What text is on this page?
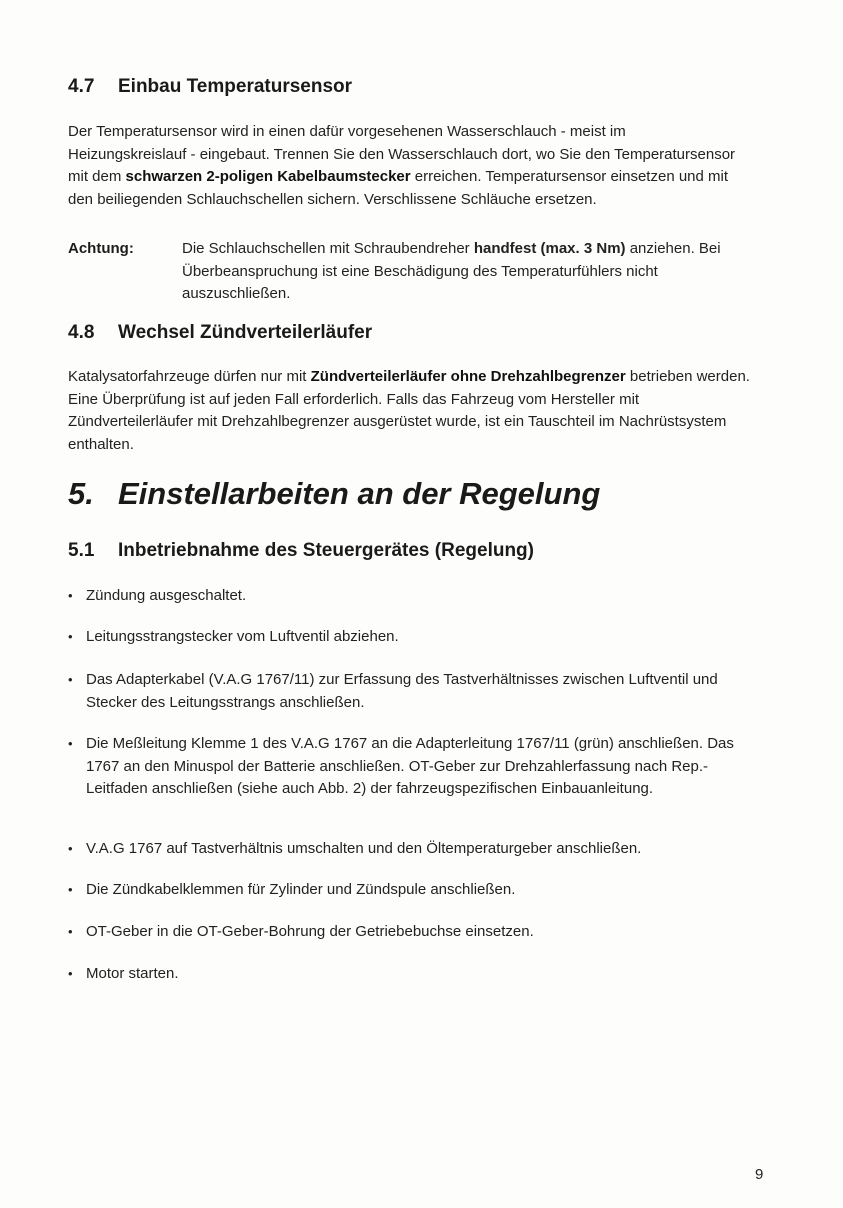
4.7 Einbau Temperatursensor

Der Temperatursensor wird in einen dafür vorgesehenen Wasserschlauch - meist im Heizungskreislauf - eingebaut. Trennen Sie den Wasserschlauch dort, wo Sie den Temperatursensor mit dem schwarzen 2-poligen Kabelbaumstecker erreichen. Temperatursensor einsetzen und mit den beiliegenden Schlauchschellen sichern. Verschlissene Schläuche ersetzen.

Achtung:	Die Schlauchschellen mit Schraubendreher handfest (max. 3 Nm) anziehen. Bei Überbeanspruchung ist eine Beschädigung des Temperaturfühlers nicht auszuschließen.

4.8 Wechsel Zündverteilerläufer

Katalysatorfahrzeuge dürfen nur mit Zündverteilerläufer ohne Drehzahlbegrenzer betrieben werden. Eine Überprüfung ist auf jeden Fall erforderlich. Falls das Fahrzeug vom Hersteller mit Zündverteilerläufer mit Drehzahlbegrenzer ausgerüstet wurde, ist ein Tauschteil im Nachrüstsystem enthalten.

5. Einstellarbeiten an der Regelung
5.1 Inbetriebnahme des Steuergerätes (Regelung)
• Zündung ausgeschaltet.
• Leitungsstrangstecker vom Luftventil abziehen.
• Das Adapterkabel (V.A.G 1767/11) zur Erfassung des Tastverhältnisses zwischen Luftventil und Stecker des Leitungsstrangs anschließen.
• Die Meßleitung Klemme 1 des V.A.G 1767 an die Adapterleitung 1767/11 (grün) anschließen. Das 1767 an den Minuspol der Batterie anschließen. OT-Geber zur Drehzahlerfassung nach Rep.-Leitfaden anschließen (siehe auch Abb. 2) der fahrzeugspezifischen Einbauanleitung.
• V.A.G 1767 auf Tastverhältnis umschalten und den Öltemperaturgeber anschließen.
• Die Zündkabelklemmen für Zylinder und Zündspule anschließen.
• OT-Geber in die OT-Geber-Bohrung der Getriebebuchse einsetzen.
• Motor starten.
9
